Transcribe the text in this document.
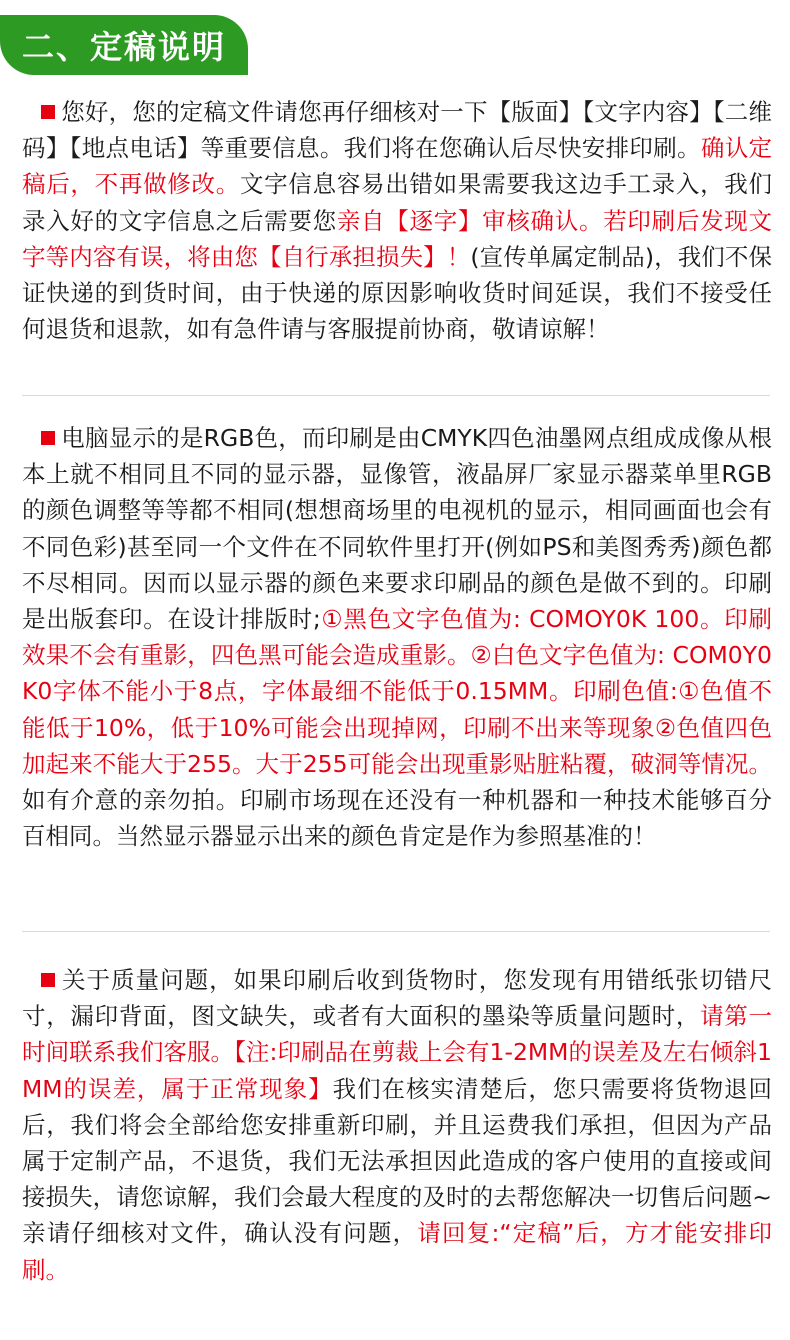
二、定稿说明
您好，您的定稿文件请您再仔细核对一下【版面】【文字内容】【二维码】【地点电话】等重要信息。我们将在您确认后尽快安排印刷。确认定稿后，不再做修改。文字信息容易出错如果需要我这边手工录入，我们录入好的文字信息之后需要您亲自【逐字】审核确认。若印刷后发现文字等内容有误，将由您【自行承担损失】！(宣传单属定制品)，我们不保证快递的到货时间，由于快递的原因影响收货时间延误，我们不接受任何退货和退款，如有急件请与客服提前协商，敬请谅解！
电脑显示的是RGB色，而印刷是由CMYK四色油墨网点组成成像从根本上就不相同且不同的显示器，显像管，液晶屏厂家显示器菜单里RGB的颜色调整等等都不相同(想想商场里的电视机的显示，相同画面也会有不同色彩)甚至同一个文件在不同软件里打开(例如PS和美图秀秀)颜色都不尽相同。因而以显示器的颜色来要求印刷品的颜色是做不到的。印刷是出版套印。在设计排版时;①黑色文字色值为: COMOY0K 100。印刷效果不会有重影，四色黑可能会造成重影。②白色文字色值为: COM0Y0K0字体不能小于8点，字体最细不能低于0.15MM。印刷色值:①色值不能低于10%，低于10%可能会出现掉网，印刷不出来等现象②色值四色加起来不能大于255。大于255可能会出现重影贴脏粘覆，破洞等情况。如有介意的亲勿拍。印刷市场现在还没有一种机器和一种技术能够百分百相同。当然显示器显示出来的颜色肯定是作为参照基准的！
关于质量问题，如果印刷后收到货物时，您发现有用错纸张切错尺寸，漏印背面，图文缺失，或者有大面积的墨染等质量问题时，请第一时间联系我们客服。【注:印刷品在剪裁上会有1-2MM的误差及左右倾斜1MM的误差，属于正常现象】我们在核实清楚后，您只需要将货物退回后，我们将会全部给您安排重新印刷，并且运费我们承担，但因为产品属于定制产品，不退货，我们无法承担因此造成的客户使用的直接或间接损失，请您谅解，我们会最大程度的及时的去帮您解决一切售后问题~亲请仔细核对文件，确认没有问题，请回复:“定稿”后，方才能安排印刷。
